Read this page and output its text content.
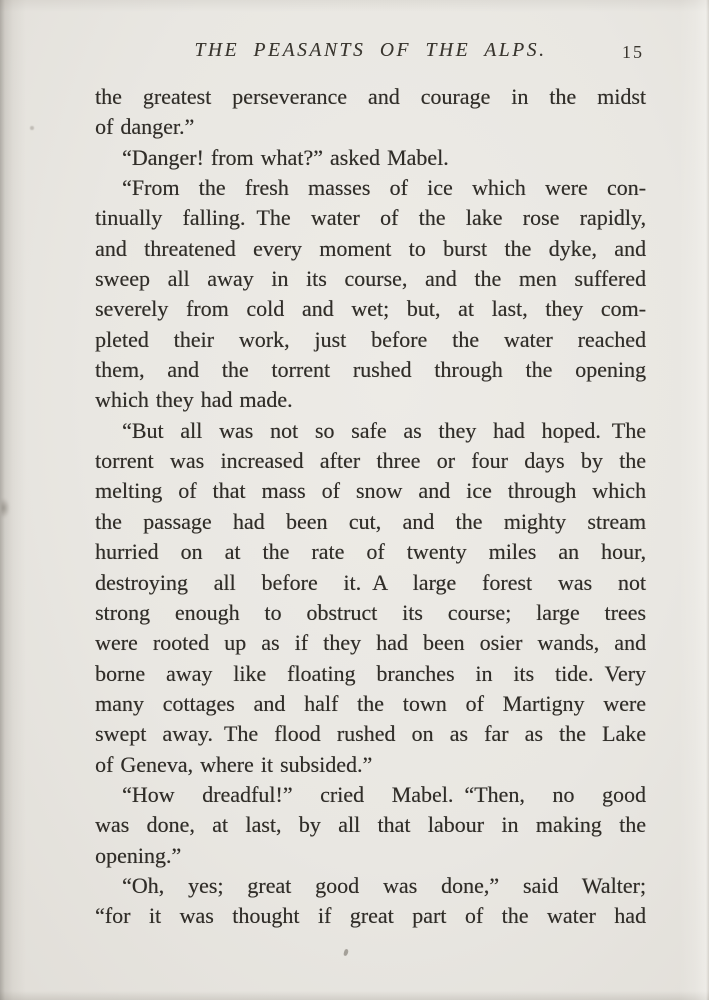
THE PEASANTS OF THE ALPS.	15
the greatest perseverance and courage in the midst
of danger.”
“Danger! from what?” asked Mabel.
“From the fresh masses of ice which were con-
tinually falling. The water of the lake rose rapidly,
and threatened every moment to burst the dyke, and
sweep all away in its course, and the men suffered
severely from cold and wet; but, at last, they com-
pleted their work, just before the water reached
them, and the torrent rushed through the opening
which they had made.
“But all was not so safe as they had hoped. The
torrent was increased after three or four days by the
melting of that mass of snow and ice through which
the passage had been cut, and the mighty stream
hurried on at the rate of twenty miles an hour,
destroying all before it. A large forest was not
strong enough to obstruct its course; large trees
were rooted up as if they had been osier wands, and
borne away like floating branches in its tide. Very
many cottages and half the town of Martigny were
swept away. The flood rushed on as far as the Lake
of Geneva, where it subsided.”
“How dreadful!” cried Mabel. “Then, no good
was done, at last, by all that labour in making the
opening.”
“Oh, yes; great good was done,” said Walter;
“for it was thought if great part of the water had
